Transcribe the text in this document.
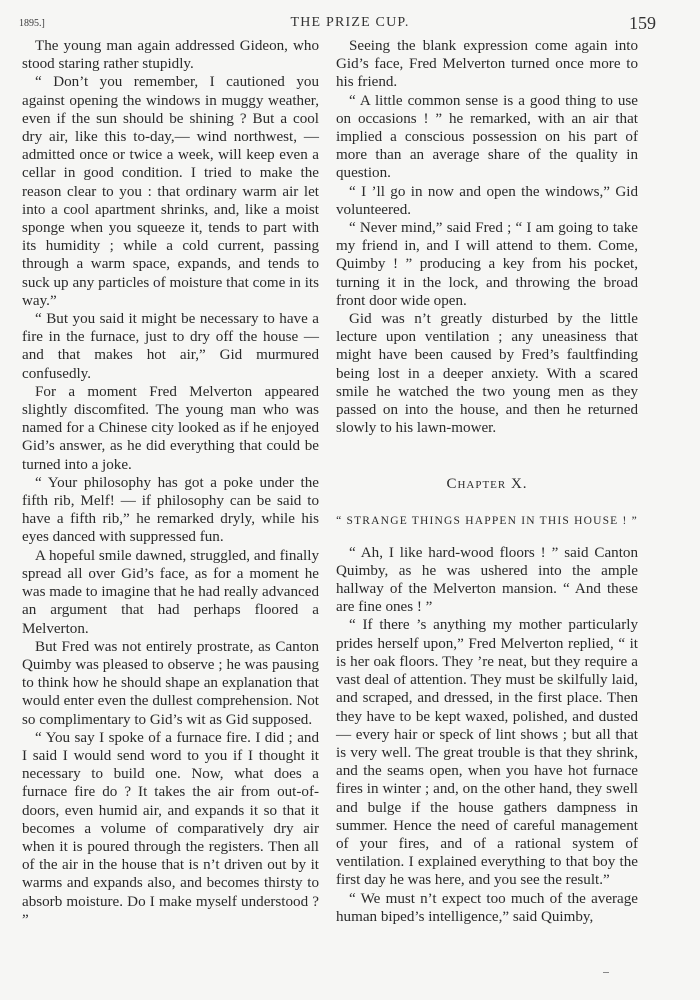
1895.]	THE PRIZE CUP.	159

The young man again addressed Gideon, who stood staring rather stupidly.

“ Don’t you remember, I cautioned you against opening the windows in muggy weather, even if the sun should be shining ? But a cool dry air, like this to-day,— wind northwest, —admitted once or twice a week, will keep even a cellar in good condition. I tried to make the reason clear to you : that ordinary warm air let into a cool apartment shrinks, and, like a moist sponge when you squeeze it, tends to part with its humidity ; while a cold current, passing through a warm space, expands, and tends to suck up any particles of moisture that come in its way.”

“ But you said it might be necessary to have a fire in the furnace, just to dry off the house — and that makes hot air,” Gid murmured confusedly.

For a moment Fred Melverton appeared slightly discomfited. The young man who was named for a Chinese city looked as if he enjoyed Gid’s answer, as he did everything that could be turned into a joke.

“ Your philosophy has got a poke under the fifth rib, Melf! — if philosophy can be said to have a fifth rib,” he remarked dryly, while his eyes danced with suppressed fun.

A hopeful smile dawned, struggled, and finally spread all over Gid’s face, as for a moment he was made to imagine that he had really advanced an argument that had perhaps floored a Melverton.

But Fred was not entirely prostrate, as Canton Quimby was pleased to observe ; he was pausing to think how he should shape an explanation that would enter even the dullest comprehension. Not so complimentary to Gid’s wit as Gid supposed.

“ You say I spoke of a furnace fire. I did ; and I said I would send word to you if I thought it necessary to build one. Now, what does a furnace fire do ? It takes the air from out-of-doors, even humid air, and expands it so that it becomes a volume of comparatively dry air when it is poured through the registers. Then all of the air in the house that is n’t driven out by it warms and expands also, and becomes thirsty to absorb moisture. Do I make myself understood ? ”

Seeing the blank expression come again into Gid’s face, Fred Melverton turned once more to his friend.

“ A little common sense is a good thing to use on occasions ! ” he remarked, with an air that implied a conscious possession on his part of more than an average share of the quality in question.

“ I ’ll go in now and open the windows,” Gid volunteered.

“ Never mind,” said Fred ; “ I am going to take my friend in, and I will attend to them. Come, Quimby ! ” producing a key from his pocket, turning it in the lock, and throwing the broad front door wide open.

Gid was n’t greatly disturbed by the little lecture upon ventilation ; any uneasiness that might have been caused by Fred’s faultfinding being lost in a deeper anxiety. With a scared smile he watched the two young men as they passed on into the house, and then he returned slowly to his lawn-mower.

Chapter X.
“ STRANGE THINGS HAPPEN IN THIS HOUSE ! ”

“ Ah, I like hard-wood floors ! ” said Canton Quimby, as he was ushered into the ample hallway of the Melverton mansion. “ And these are fine ones ! ”

“ If there ’s anything my mother particularly prides herself upon,” Fred Melverton replied, “ it is her oak floors. They ’re neat, but they require a vast deal of attention. They must be skilfully laid, and scraped, and dressed, in the first place. Then they have to be kept waxed, polished, and dusted — every hair or speck of lint shows ; but all that is very well. The great trouble is that they shrink, and the seams open, when you have hot furnace fires in winter ; and, on the other hand, they swell and bulge if the house gathers dampness in summer. Hence the need of careful management of your fires, and of a rational system of ventilation. I explained everything to that boy the first day he was here, and you see the result.”

“ We must n’t expect too much of the average human biped’s intelligence,” said Quimby,
